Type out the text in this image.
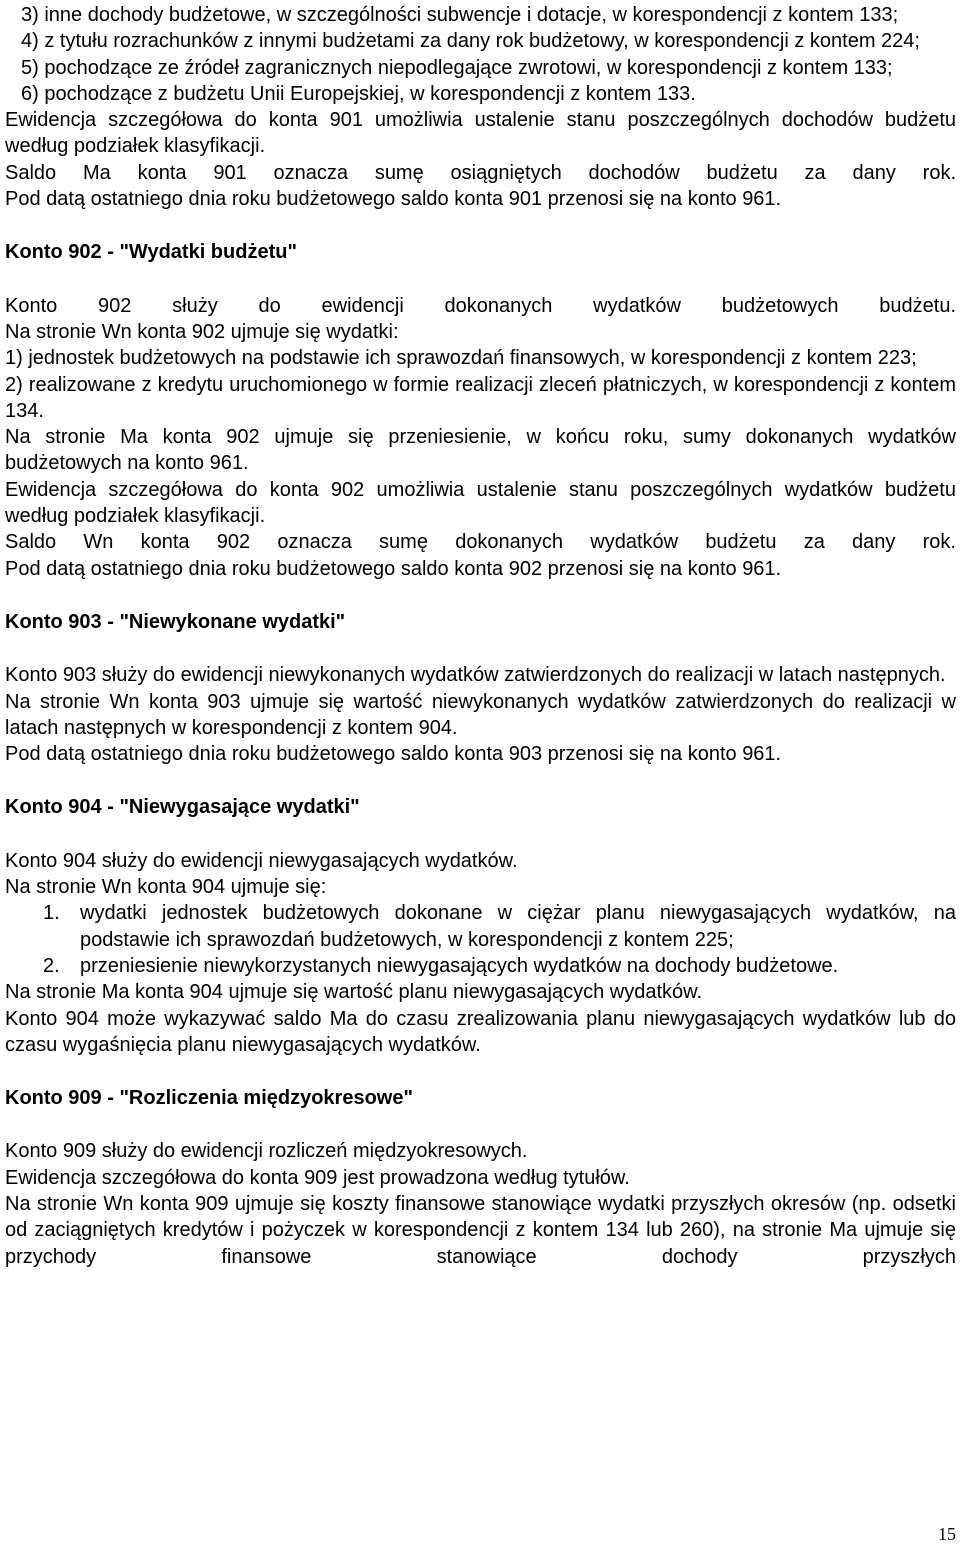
3) inne dochody budżetowe, w szczególności subwencje i dotacje, w korespondencji z kontem 133;

4) z tytułu rozrachunków z innymi budżetami za dany rok budżetowy, w korespondencji z kontem 224;

5) pochodzące ze źródeł zagranicznych niepodlegające zwrotowi, w korespondencji z kontem 133;

6) pochodzące z budżetu Unii Europejskiej, w korespondencji z kontem 133.

Ewidencja szczegółowa do konta 901 umożliwia ustalenie stanu poszczególnych dochodów budżetu według podziałek klasyfikacji.

Saldo Ma konta 901 oznacza sumę osiągniętych dochodów budżetu za dany rok.

Pod datą ostatniego dnia roku budżetowego saldo konta 901 przenosi się na konto 961.

Konto 902 - "Wydatki budżetu"

Konto 902 służy do ewidencji dokonanych wydatków budżetowych budżetu.

Na stronie Wn konta 902 ujmuje się wydatki:

1) jednostek budżetowych na podstawie ich sprawozdań finansowych, w korespondencji z kontem 223;

2) realizowane z kredytu uruchomionego w formie realizacji zleceń płatniczych, w korespondencji z kontem 134.

Na stronie Ma konta 902 ujmuje się przeniesienie, w końcu roku, sumy dokonanych wydatków budżetowych na konto 961.

Ewidencja szczegółowa do konta 902 umożliwia ustalenie stanu poszczególnych wydatków budżetu według podziałek klasyfikacji.

Saldo Wn konta 902 oznacza sumę dokonanych wydatków budżetu za dany rok.

Pod datą ostatniego dnia roku budżetowego saldo konta 902 przenosi się na konto 961.

Konto 903 - "Niewykonane wydatki"

Konto 903 służy do ewidencji niewykonanych wydatków zatwierdzonych do realizacji w latach następnych.

Na stronie Wn konta 903 ujmuje się wartość niewykonanych wydatków zatwierdzonych do realizacji w latach następnych w korespondencji z kontem 904.

Pod datą ostatniego dnia roku budżetowego saldo konta 903 przenosi się na konto 961.

Konto 904 - "Niewygasające wydatki"

Konto 904 służy do ewidencji niewygasających wydatków.

Na stronie Wn konta 904 ujmuje się:

1. wydatki jednostek budżetowych dokonane w ciężar planu niewygasających wydatków, na podstawie ich sprawozdań budżetowych, w korespondencji z kontem 225;
2. przeniesienie niewykorzystanych niewygasających wydatków na dochody budżetowe.

Na stronie Ma konta 904 ujmuje się wartość planu niewygasających wydatków.

Konto 904 może wykazywać saldo Ma do czasu zrealizowania planu niewygasających wydatków lub do czasu wygaśnięcia planu niewygasających wydatków.

Konto 909 - "Rozliczenia międzyokresowe"

Konto 909 służy do ewidencji rozliczeń międzyokresowych.

Ewidencja szczegółowa do konta 909 jest prowadzona według tytułów.

Na stronie Wn konta 909 ujmuje się koszty finansowe stanowiące wydatki przyszłych okresów (np. odsetki od zaciągniętych kredytów i pożyczek w korespondencji z kontem 134 lub 260), na stronie Ma ujmuje się przychody finansowe stanowiące dochody przyszłych

15
